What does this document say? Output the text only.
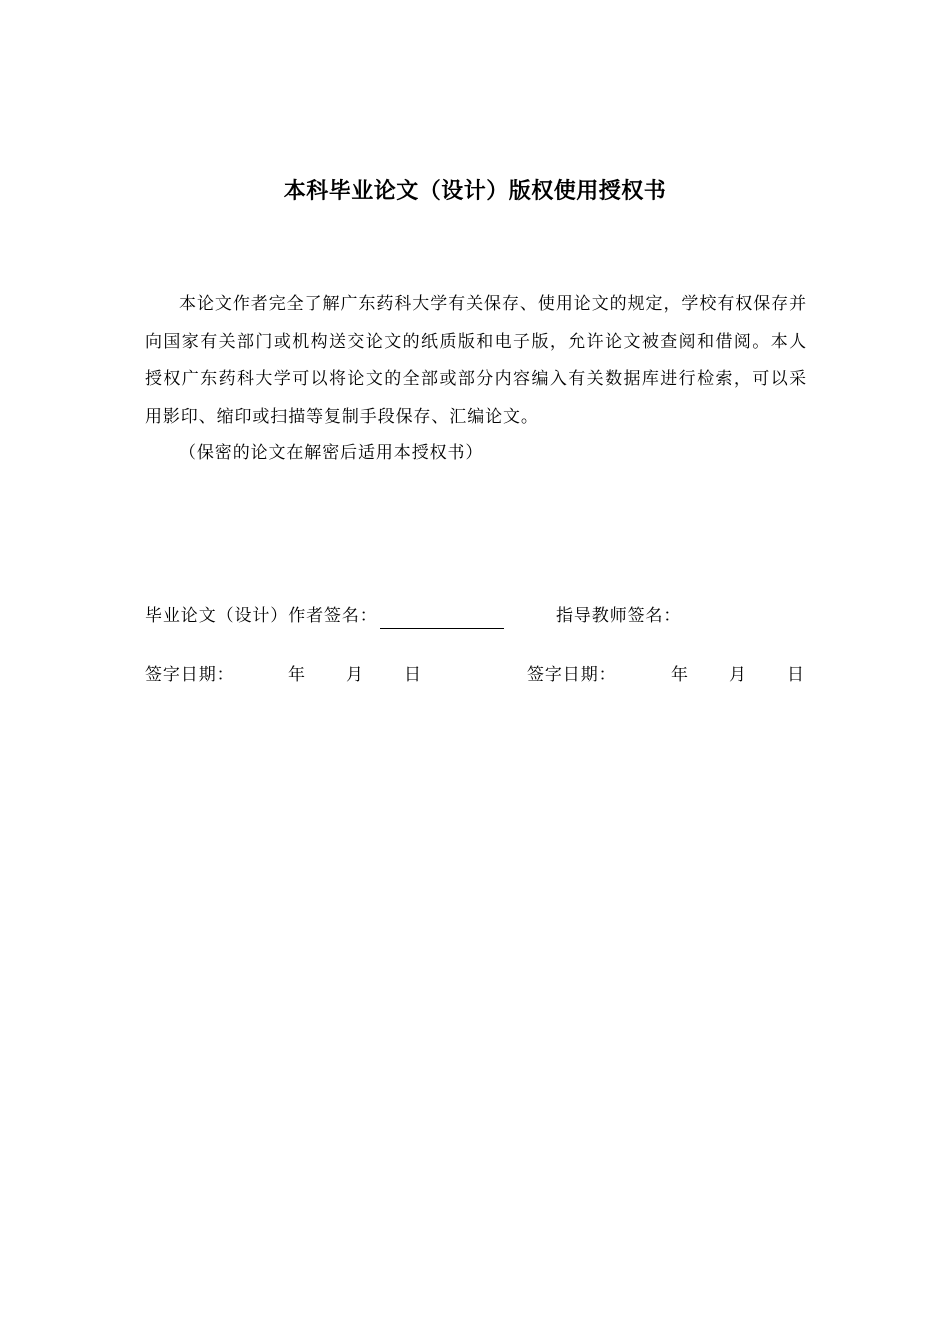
本科毕业论文（设计）版权使用授权书

本论文作者完全了解广东药科大学有关保存、使用论文的规定，学校有权保存并向国家有关部门或机构送交论文的纸质版和电子版，允许论文被查阅和借阅。本人授权广东药科大学可以将论文的全部或部分内容编入有关数据库进行检索，可以采用影印、缩印或扫描等复制手段保存、汇编论文。

（保密的论文在解密后适用本授权书）

毕业论文（设计）作者签名：	指导教师签名：
签字日期：	年 月 日	签字日期：	年 月 日
